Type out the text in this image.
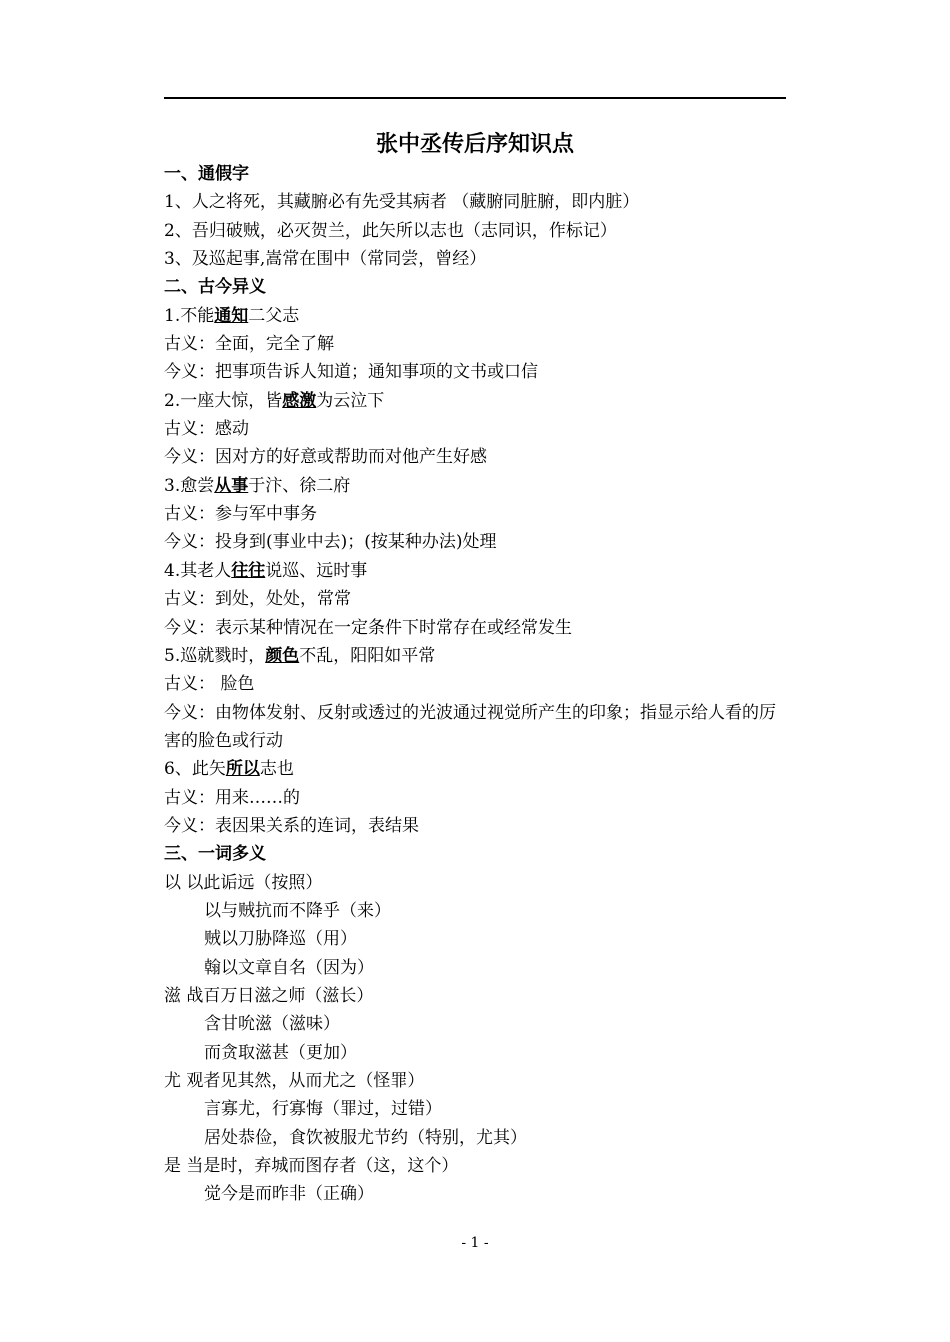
张中丞传后序知识点
一、通假字
1、人之将死，其藏腑必有先受其病者 （藏腑同脏腑，即内脏）
2、吾归破贼，必灭贺兰，此矢所以志也（志同识，作标记）
3、及巡起事,嵩常在围中（常同尝，曾经）
二、古今异义
1.不能通知二父志
古义：全面，完全了解
今义：把事项告诉人知道；通知事项的文书或口信
2.一座大惊，皆感激为云泣下
古义：感动
今义：因对方的好意或帮助而对他产生好感
3.愈尝从事于汴、徐二府
古义：参与军中事务
今义：投身到(事业中去)；(按某种办法)处理
4.其老人往往说巡、远时事
古义：到处，处处，常常
今义：表示某种情况在一定条件下时常存在或经常发生
5.巡就戮时，颜色不乱，阳阳如平常
古义： 脸色
今义：由物体发射、反射或透过的光波通过视觉所产生的印象；指显示给人看的厉害的脸色或行动
6、此矢所以志也
古义：用来……的
今义：表因果关系的连词，表结果
三、一词多义
以 以此诟远（按照）
以与贼抗而不降乎（来）
贼以刀胁降巡（用）
翰以文章自名（因为）
滋 战百万日滋之师（滋长）
含甘吮滋（滋味）
而贪取滋甚（更加）
尤 观者见其然，从而尤之（怪罪）
言寡尤，行寡悔（罪过，过错）
居处恭俭，食饮被服尤节约（特别，尤其）
是 当是时，弃城而图存者（这，这个）
觉今是而昨非（正确）
- 1 -
